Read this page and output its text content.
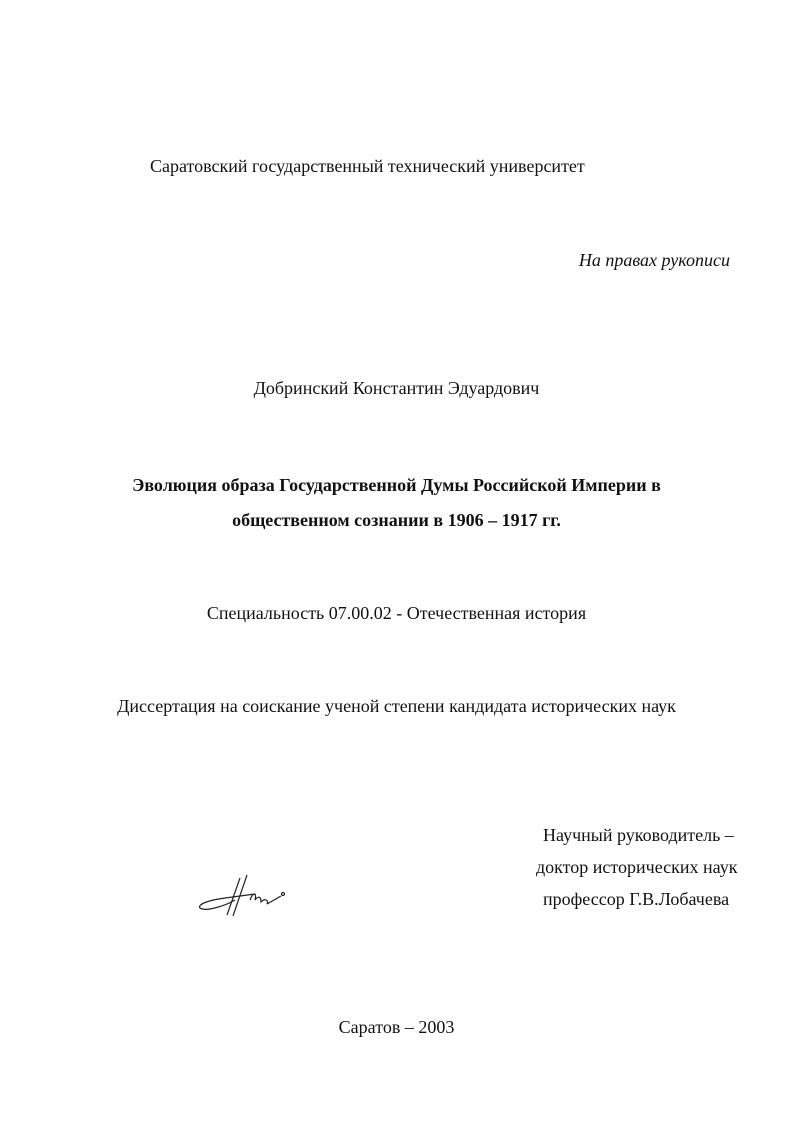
Саратовский государственный технический университет
На правах рукописи
Добринский Константин Эдуардович
Эволюция образа Государственной Думы Российской Империи в
общественном сознании в 1906 – 1917 гг.
Специальность 07.00.02 - Отечественная история
Диссертация на соискание ученой степени кандидата исторических наук
Научный руководитель –
доктор исторических наук
профессор Г.В.Лобачева
Саратов – 2003
